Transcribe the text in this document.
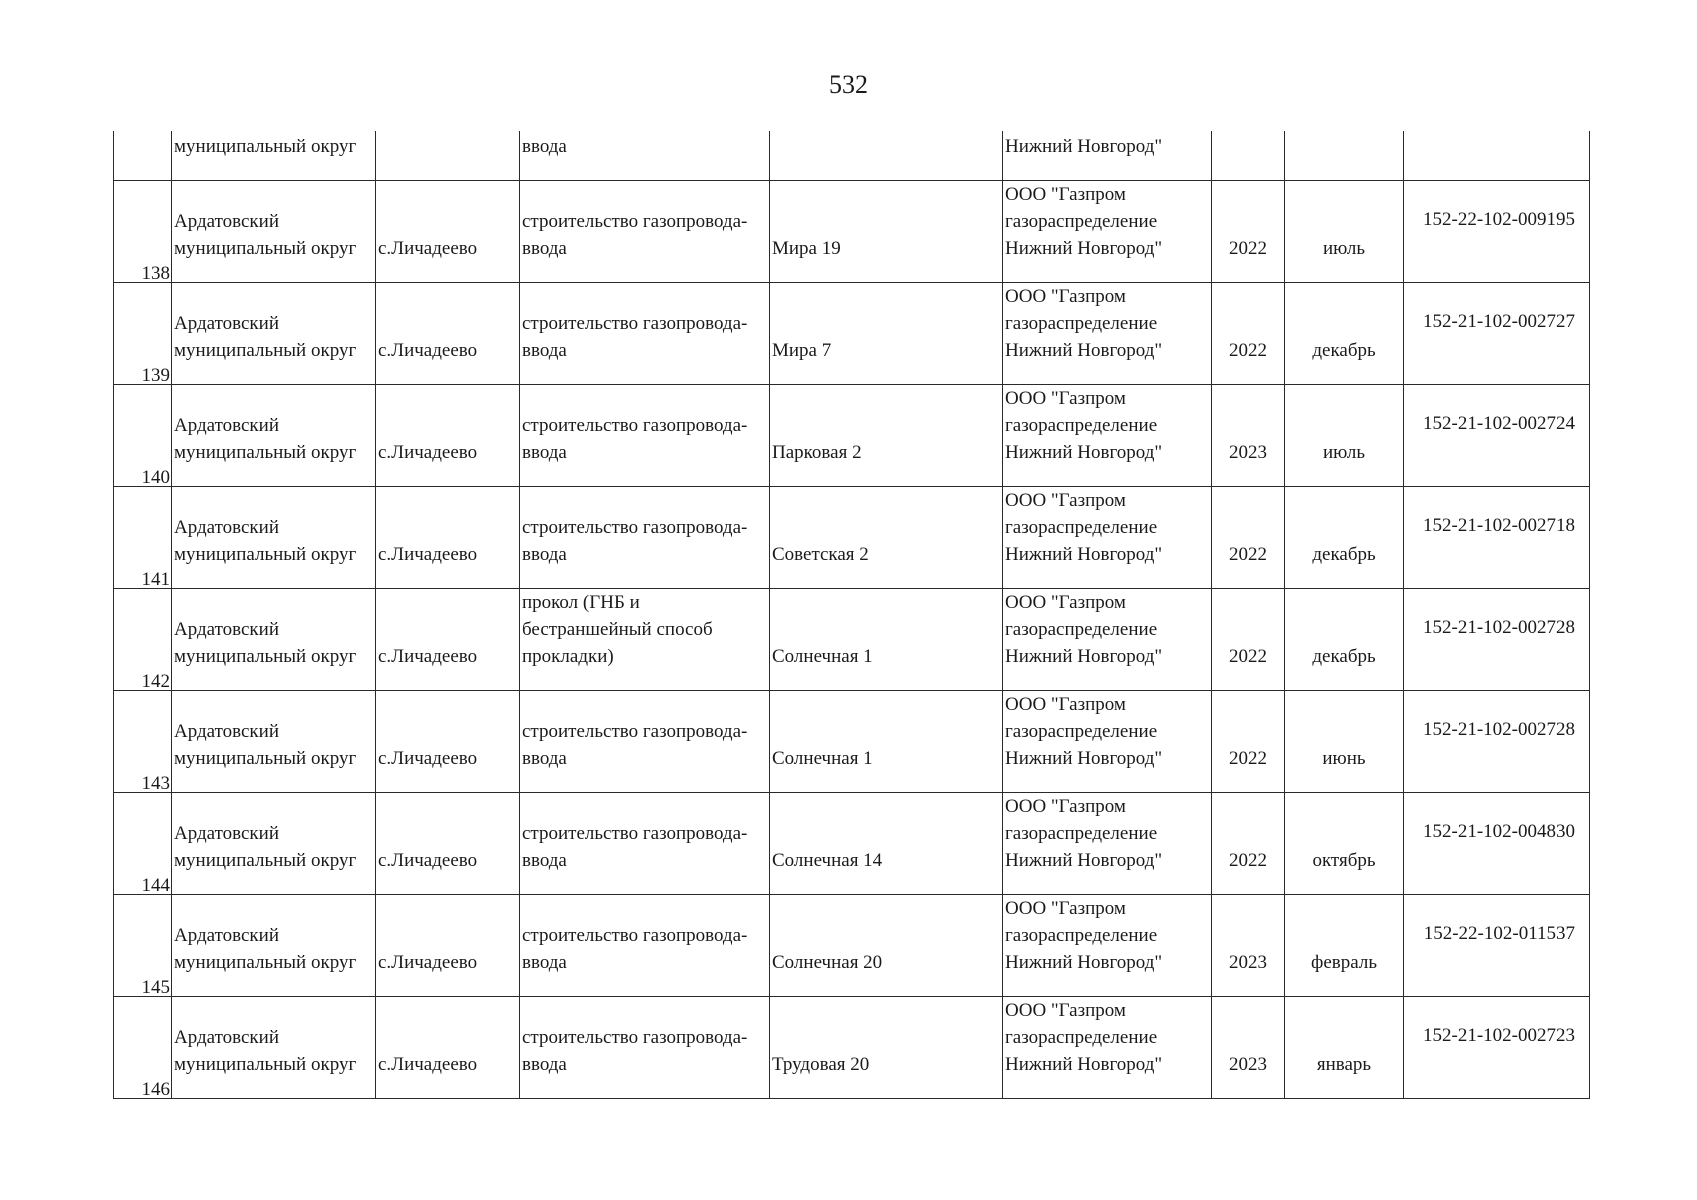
532

	муниципальный округ		ввода		Нижний Новгород"			

138	Ардатовский
муниципальный округ	с.Личадеево	строительство газопровода-
ввода	Мира 19	ООО "Газпром
газораспределение
Нижний Новгород"	2022	июль	152-22-102-009195

139	Ардатовский
муниципальный округ	с.Личадеево	строительство газопровода-
ввода	Мира 7	ООО "Газпром
газораспределение
Нижний Новгород"	2022	декабрь	152-21-102-002727

140	Ардатовский
муниципальный округ	с.Личадеево	строительство газопровода-
ввода	Парковая 2	ООО "Газпром
газораспределение
Нижний Новгород"	2023	июль	152-21-102-002724

141	Ардатовский
муниципальный округ	с.Личадеево	строительство газопровода-
ввода	Советская 2	ООО "Газпром
газораспределение
Нижний Новгород"	2022	декабрь	152-21-102-002718

142	Ардатовский
муниципальный округ	с.Личадеево	прокол (ГНБ и
бестраншейный способ
прокладки)	Солнечная 1	ООО "Газпром
газораспределение
Нижний Новгород"	2022	декабрь	152-21-102-002728

143	Ардатовский
муниципальный округ	с.Личадеево	строительство газопровода-
ввода	Солнечная 1	ООО "Газпром
газораспределение
Нижний Новгород"	2022	июнь	152-21-102-002728

144	Ардатовский
муниципальный округ	с.Личадеево	строительство газопровода-
ввода	Солнечная 14	ООО "Газпром
газораспределение
Нижний Новгород"	2022	октябрь	152-21-102-004830

145	Ардатовский
муниципальный округ	с.Личадеево	строительство газопровода-
ввода	Солнечная 20	ООО "Газпром
газораспределение
Нижний Новгород"	2023	февраль	152-22-102-011537

146	Ардатовский
муниципальный округ	с.Личадеево	строительство газопровода-
ввода	Трудовая 20	ООО "Газпром
газораспределение
Нижний Новгород"	2023	январь	152-21-102-002723
